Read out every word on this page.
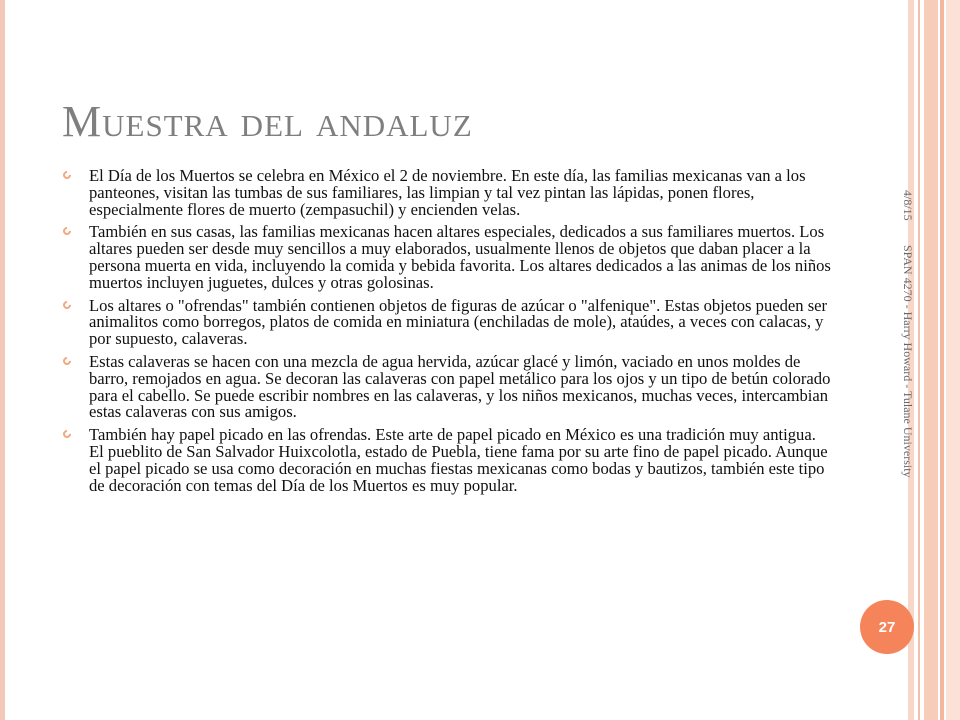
Muestra del andaluz
El Día de los Muertos se celebra en México el 2 de noviembre. En este día, las familias mexicanas van a los panteones, visitan las tumbas de sus familiares, las limpian y tal vez pintan las lápidas, ponen flores, especialmente flores de muerto (zempasuchil) y encienden velas.
También en sus casas, las familias mexicanas hacen altares especiales, dedicados a sus familiares muertos. Los altares pueden ser desde muy sencillos a muy elaborados, usualmente llenos de objetos que daban placer a la persona muerta en vida, incluyendo la comida y bebida favorita. Los altares dedicados a las animas de los niños muertos incluyen juguetes, dulces y otras golosinas.
Los altares o "ofrendas" también contienen objetos de figuras de azúcar o "alfenique". Estas objetos pueden ser animalitos como borregos, platos de comida en miniatura (enchiladas de mole), ataúdes, a veces con calacas, y por supuesto, calaveras.
Estas calaveras se hacen con una mezcla de agua hervida, azúcar glacé y limón, vaciado en unos moldes de barro, remojados en agua. Se decoran las calaveras con papel metálico para los ojos y un tipo de betún colorado para el cabello. Se puede escribir nombres en las calaveras, y los niños mexicanos, muchas veces, intercambian estas calaveras con sus amigos.
También hay papel picado en las ofrendas. Este arte de papel picado en México es una tradición muy antigua. El pueblito de San Salvador Huixcolotla, estado de Puebla, tiene fama por su arte fino de papel picado. Aunque el papel picado se usa como decoración en muchas fiestas mexicanas como bodas y bautizos, también este tipo de decoración con temas del Día de los Muertos es muy popular.
4/8/15
SPAN 4270 - Harry Howard - Tulane University
27
